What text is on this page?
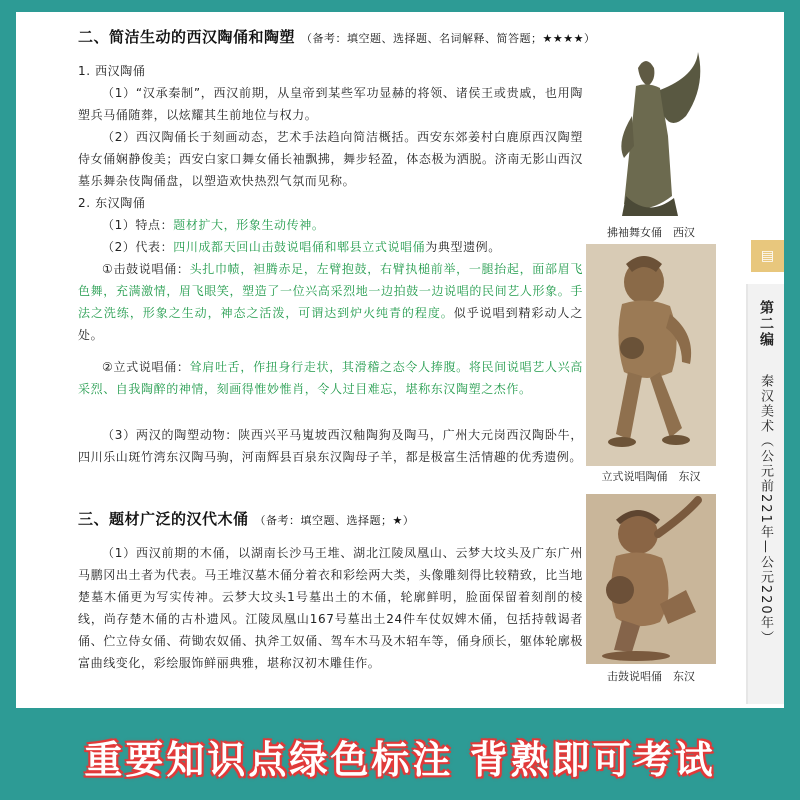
二、简洁生动的西汉陶俑和陶塑 （备考：填空题、选择题、名词解释、简答题；★★★★）
1. 西汉陶俑
（1）“汉承秦制”，西汉前期，从皇帝到某些军功显赫的将领、诸侯王或贵戚，也用陶塑兵马俑随葬，以炫耀其生前地位与权力。
（2）西汉陶俑长于刻画动态，艺术手法趋向简洁概括。西安东郊姜村白鹿原西汉陶塑侍女俑娴静俊美；西安白家口舞女俑长袖飘拂，舞步轻盈，体态极为洒脱。济南无影山西汉墓乐舞杂伎陶俑盘，以塑造欢快热烈气氛而见称。
2. 东汉陶俑
（1）特点：题材扩大，形象生动传神。
（2）代表：四川成都天回山击鼓说唱俑和郫县立式说唱俑为典型遗例。
①击鼓说唱俑：头扎巾帻，袒腾赤足，左臂抱鼓，右臂执槌前举，一腿抬起，面部眉飞色舞，充满激情，眉飞眼笑，塑造了一位兴高采烈地一边拍鼓一边说唱的民间艺人形象。手法之洗练，形象之生动，神态之活泼，可谓达到炉火纯青的程度。似乎说唱到精彩动人之处。
②立式说唱俑：耸肩吐舌，作扭身行走状，其滑稽之态令人捧腹。将民间说唱艺人兴高采烈、自我陶醉的神情，刻画得惟妙惟肖，令人过目难忘，堪称东汉陶塑之杰作。
（3）两汉的陶塑动物：陕西兴平马嵬坡西汉釉陶狗及陶马，广州大元岗西汉陶卧牛，四川乐山斑竹湾东汉陶马驹，河南辉县百泉东汉陶母子羊，都是极富生活情趣的优秀遗例。
三、题材广泛的汉代木俑 （备考：填空题、选择题；★）
（1）西汉前期的木俑，以湖南长沙马王堆、湖北江陵凤凰山、云梦大坟头及广东广州马鹏冈出土者为代表。马王堆汉墓木俑分着衣和彩绘两大类，头像雕刻得比较精致，比当地楚墓木俑更为写实传神。云梦大坟头1号墓出土的木俑，轮廓鲜明，脸面保留着刻削的棱线，尚存楚木俑的古朴遗风。江陵凤凰山167号墓出土24件车仗奴婢木俑，包括持戟谒者俑、伫立侍女俑、荷锄农奴俑、执斧工奴俑、驾车木马及木轺车等，俑身颀长，躯体轮廓极富曲线变化，彩绘服饰鲜丽典雅，堪称汉初木雕佳作。
拂袖舞女俑　西汉
立式说唱陶俑　东汉
击鼓说唱俑　东汉
▤
第二编
秦汉美术（公元前221年—公元220年）
重要知识点绿色标注 背熟即可考试
